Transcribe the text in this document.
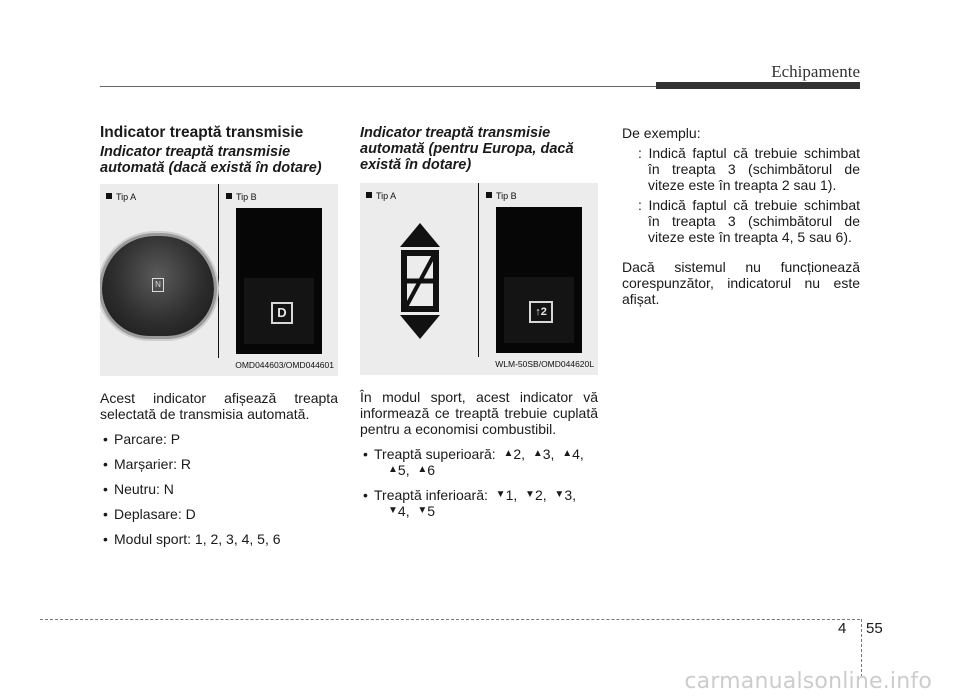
Echipamente
Indicator treaptă transmisie
Indicator treaptă transmisie automată (dacă există în dotare)
Tip A	Tip B
N
D
OMD044603/OMD044601

Acest indicator afișează treapta selectată de transmisia automată.

• Parcare: P
• Marșarier: R
• Neutru: N
• Deplasare: D
• Modul sport: 1, 2, 3, 4, 5, 6
Indicator treaptă transmisie automată (pentru Europa, dacă există în dotare)
Tip A	Tip B
↑2
WLM-50SB/OMD044620L

În modul sport, acest indicator vă informează ce treaptă trebuie cuplată pentru a economisi combustibil.

• Treaptă superioară: ▲2, ▲3, ▲4,
▲5, ▲6
• Treaptă inferioară: ▼1, ▼2, ▼3,
▼4, ▼5
De exemplu:
: Indică faptul că trebuie schimbat în treapta 3 (schimbătorul de viteze este în treapta 2 sau 1).
: Indică faptul că trebuie schimbat în treapta 3 (schimbătorul de viteze este în treapta 4, 5 sau 6).

Dacă sistemul nu funcționează corespunzător, indicatorul nu este afișat.

4 55
carmanualsonline.info
